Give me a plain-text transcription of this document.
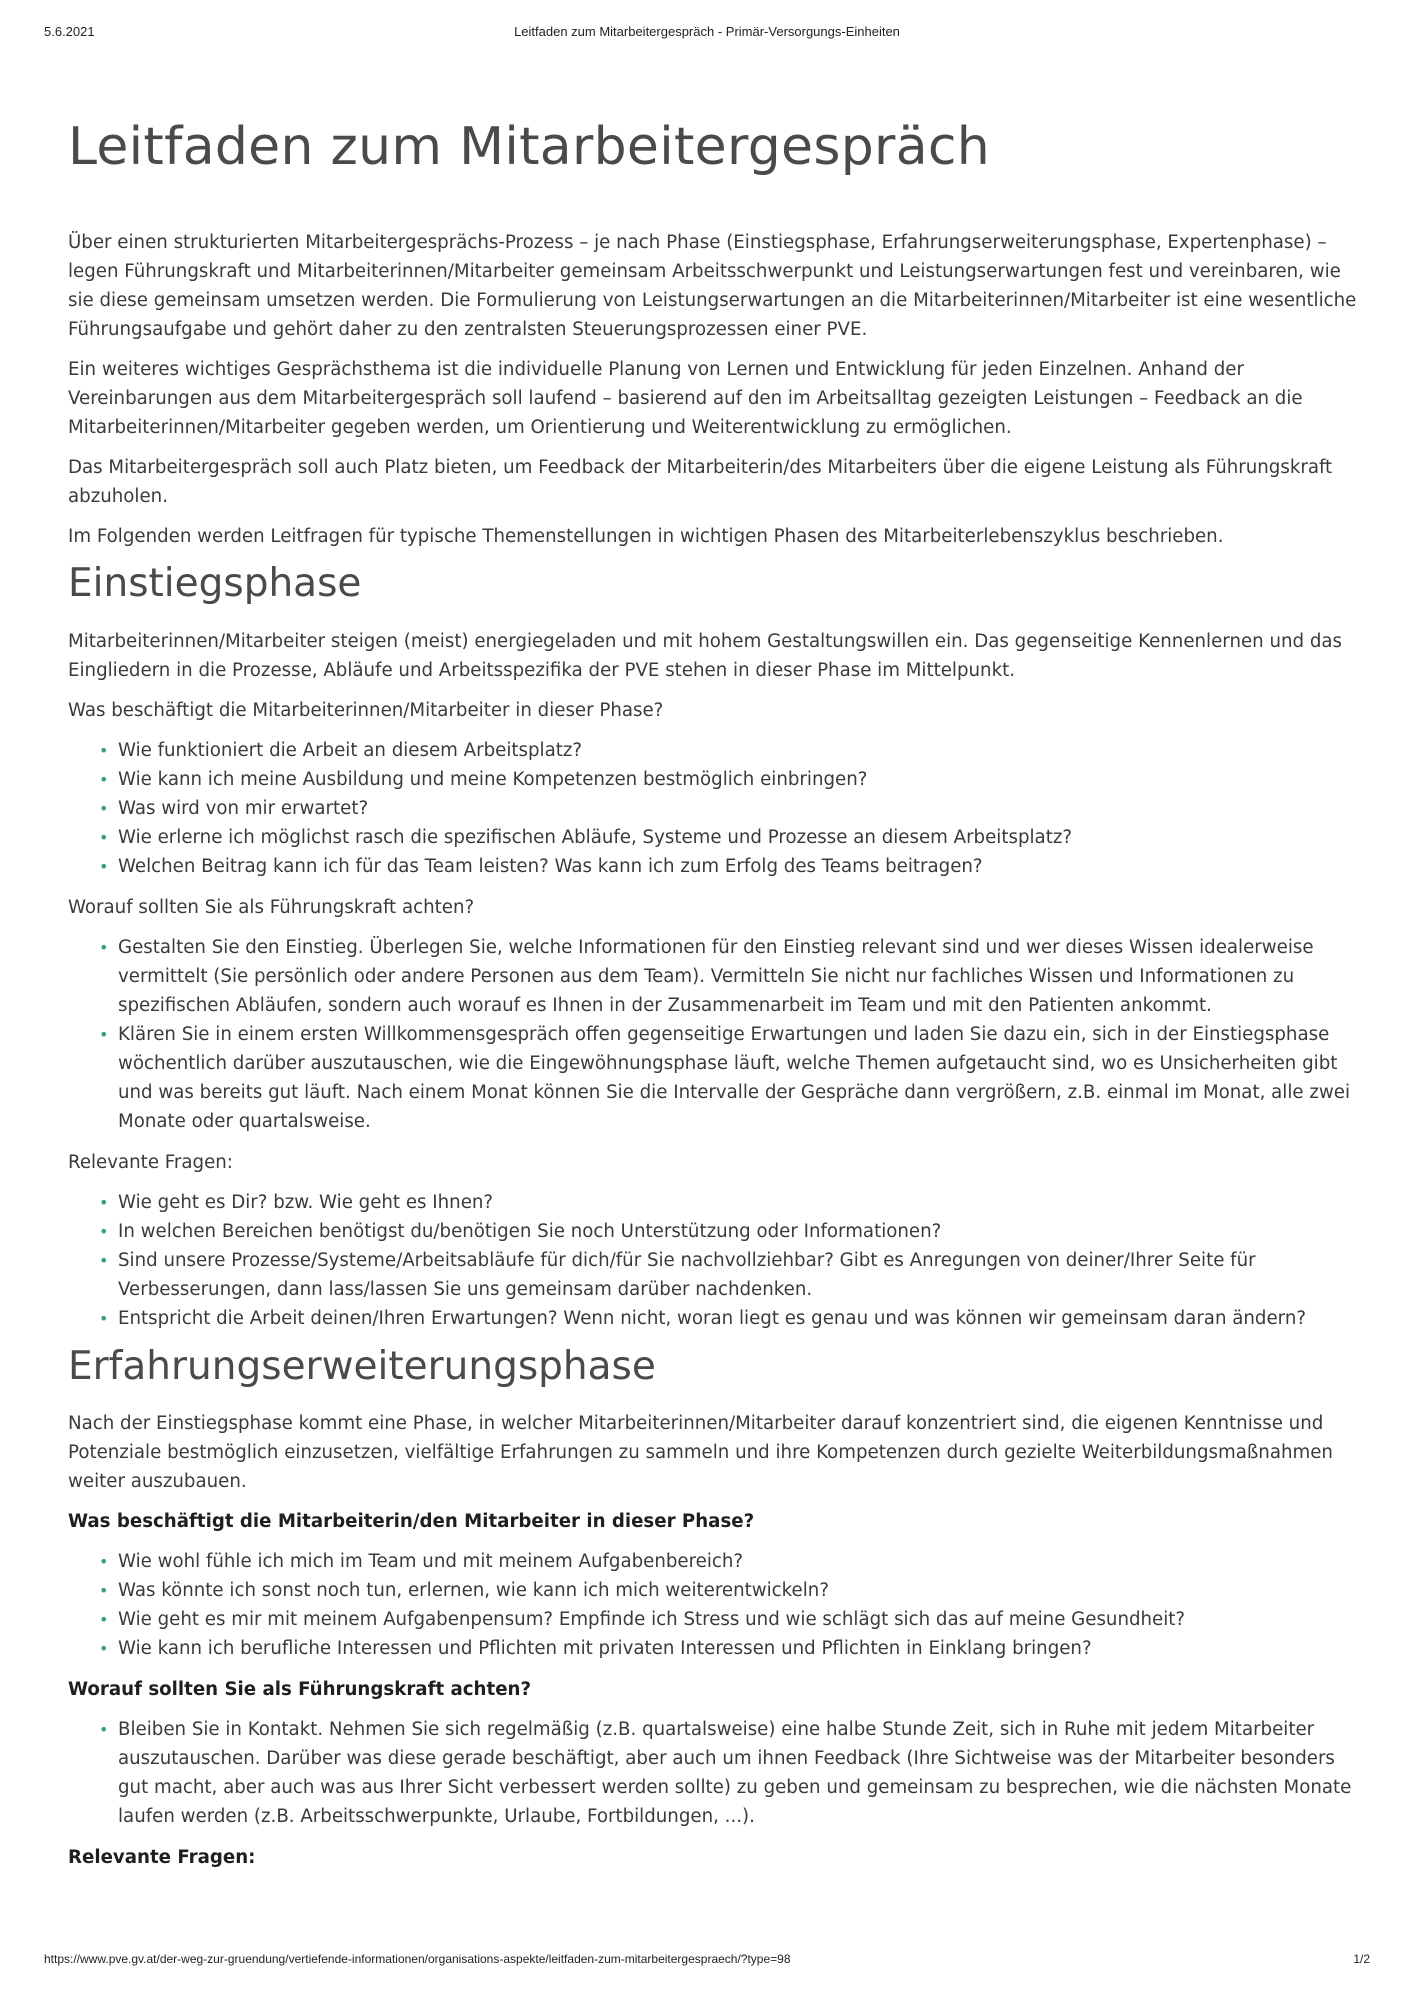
5.6.2021	Leitfaden zum Mitarbeitergespräch - Primär-Versorgungs-Einheiten
Leitfaden zum Mitarbeitergespräch

Über einen strukturierten Mitarbeitergesprächs-Prozess – je nach Phase (Einstiegsphase, Erfahrungserweiterungsphase, Expertenphase) – legen Führungskraft und Mitarbeiterinnen/Mitarbeiter gemeinsam Arbeitsschwerpunkt und Leistungserwartungen fest und vereinbaren, wie sie diese gemeinsam umsetzen werden. Die Formulierung von Leistungserwartungen an die Mitarbeiterinnen/Mitarbeiter ist eine wesentliche Führungsaufgabe und gehört daher zu den zentralsten Steuerungsprozessen einer PVE.

Ein weiteres wichtiges Gesprächsthema ist die individuelle Planung von Lernen und Entwicklung für jeden Einzelnen. Anhand der Vereinbarungen aus dem Mitarbeitergespräch soll laufend – basierend auf den im Arbeitsalltag gezeigten Leistungen – Feedback an die Mitarbeiterinnen/Mitarbeiter gegeben werden, um Orientierung und Weiterentwicklung zu ermöglichen.

Das Mitarbeitergespräch soll auch Platz bieten, um Feedback der Mitarbeiterin/des Mitarbeiters über die eigene Leistung als Führungskraft abzuholen.

Im Folgenden werden Leitfragen für typische Themenstellungen in wichtigen Phasen des Mitarbeiterlebenszyklus beschrieben.

Einstiegsphase

Mitarbeiterinnen/Mitarbeiter steigen (meist) energiegeladen und mit hohem Gestaltungswillen ein. Das gegenseitige Kennenlernen und das Eingliedern in die Prozesse, Abläufe und Arbeitsspezifika der PVE stehen in dieser Phase im Mittelpunkt.

Was beschäftigt die Mitarbeiterinnen/Mitarbeiter in dieser Phase?

• Wie funktioniert die Arbeit an diesem Arbeitsplatz?
• Wie kann ich meine Ausbildung und meine Kompetenzen bestmöglich einbringen?
• Was wird von mir erwartet?
• Wie erlerne ich möglichst rasch die spezifischen Abläufe, Systeme und Prozesse an diesem Arbeitsplatz?
• Welchen Beitrag kann ich für das Team leisten? Was kann ich zum Erfolg des Teams beitragen?

Worauf sollten Sie als Führungskraft achten?

• Gestalten Sie den Einstieg. Überlegen Sie, welche Informationen für den Einstieg relevant sind und wer dieses Wissen idealerweise vermittelt (Sie persönlich oder andere Personen aus dem Team). Vermitteln Sie nicht nur fachliches Wissen und Informationen zu spezifischen Abläufen, sondern auch worauf es Ihnen in der Zusammenarbeit im Team und mit den Patienten ankommt.
• Klären Sie in einem ersten Willkommensgespräch offen gegenseitige Erwartungen und laden Sie dazu ein, sich in der Einstiegsphase wöchentlich darüber auszutauschen, wie die Eingewöhnungsphase läuft, welche Themen aufgetaucht sind, wo es Unsicherheiten gibt und was bereits gut läuft. Nach einem Monat können Sie die Intervalle der Gespräche dann vergrößern, z.B. einmal im Monat, alle zwei Monate oder quartalsweise.

Relevante Fragen:

• Wie geht es Dir? bzw. Wie geht es Ihnen?
• In welchen Bereichen benötigst du/benötigen Sie noch Unterstützung oder Informationen?
• Sind unsere Prozesse/Systeme/Arbeitsabläufe für dich/für Sie nachvollziehbar? Gibt es Anregungen von deiner/Ihrer Seite für Verbesserungen, dann lass/lassen Sie uns gemeinsam darüber nachdenken.
• Entspricht die Arbeit deinen/Ihren Erwartungen? Wenn nicht, woran liegt es genau und was können wir gemeinsam daran ändern?
Erfahrungserweiterungsphase

Nach der Einstiegsphase kommt eine Phase, in welcher Mitarbeiterinnen/Mitarbeiter darauf konzentriert sind, die eigenen Kenntnisse und Potenziale bestmöglich einzusetzen, vielfältige Erfahrungen zu sammeln und ihre Kompetenzen durch gezielte Weiterbildungsmaßnahmen weiter auszubauen.

Was beschäftigt die Mitarbeiterin/den Mitarbeiter in dieser Phase?

• Wie wohl fühle ich mich im Team und mit meinem Aufgabenbereich?
• Was könnte ich sonst noch tun, erlernen, wie kann ich mich weiterentwickeln?
• Wie geht es mir mit meinem Aufgabenpensum? Empfinde ich Stress und wie schlägt sich das auf meine Gesundheit?
• Wie kann ich berufliche Interessen und Pflichten mit privaten Interessen und Pflichten in Einklang bringen?

Worauf sollten Sie als Führungskraft achten?

• Bleiben Sie in Kontakt. Nehmen Sie sich regelmäßig (z.B. quartalsweise) eine halbe Stunde Zeit, sich in Ruhe mit jedem Mitarbeiter auszutauschen. Darüber was diese gerade beschäftigt, aber auch um ihnen Feedback (Ihre Sichtweise was der Mitarbeiter besonders gut macht, aber auch was aus Ihrer Sicht verbessert werden sollte) zu geben und gemeinsam zu besprechen, wie die nächsten Monate laufen werden (z.B. Arbeitsschwerpunkte, Urlaube, Fortbildungen, ...).

Relevante Fragen:

https://www.pve.gv.at/der-weg-zur-gruendung/vertiefende-informationen/organisations-aspekte/leitfaden-zum-mitarbeitergespraech/?type=98	1/2
